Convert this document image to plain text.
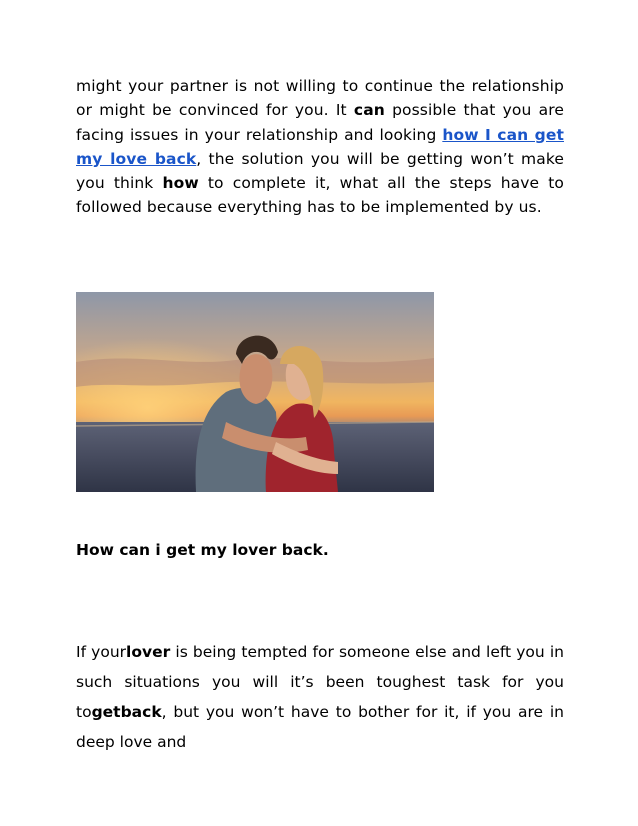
might your partner is not willing to continue the relationship or might be convinced for you. It can possible that you are facing issues in your relationship and looking how I can get my love back, the solution you will be getting won’t make you think how to complete it, what all the steps have to followed because everything has to be implemented by us.

How can i get my lover back.

If yourlover is being tempted for someone else and left you in such situations you will it’s been toughest task for you togetback, but you won’t have to bother for it, if you are in deep love and
